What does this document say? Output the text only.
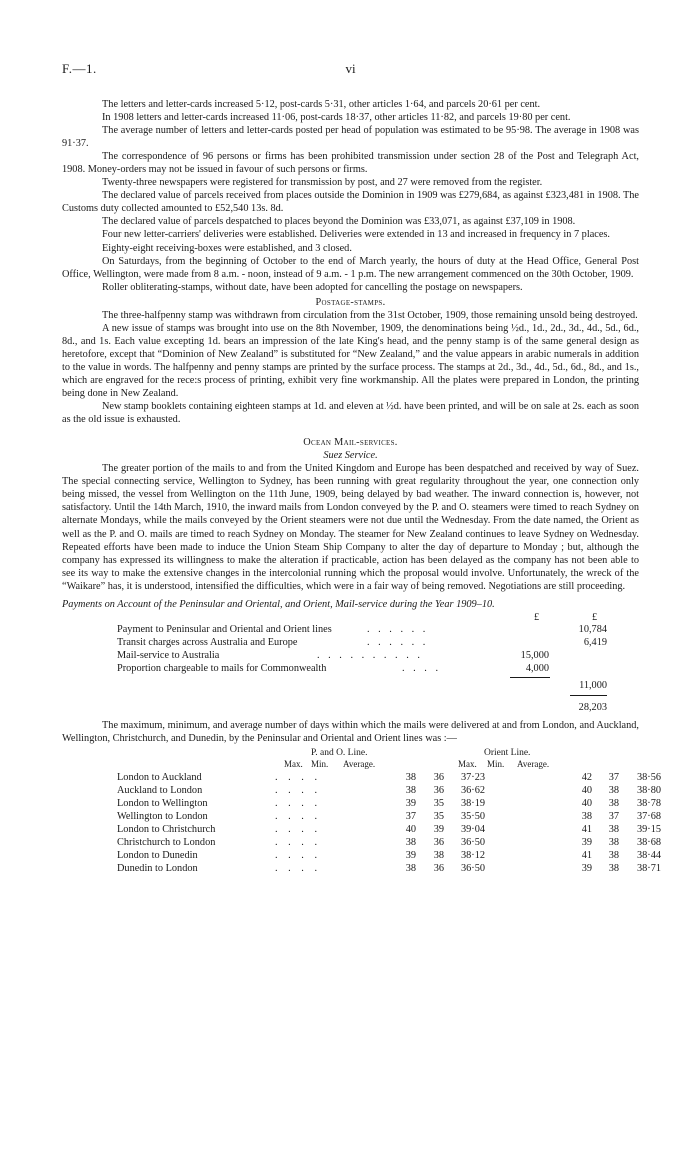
F.—1.	vi

The letters and letter-cards increased 5·12, post-cards 5·31, other articles 1·64, and parcels 20·61 per cent.

In 1908 letters and letter-cards increased 11·06, post-cards 18·37, other articles 11·82, and parcels 19·80 per cent.

The average number of letters and letter-cards posted per head of population was estimated to be 95·98. The average in 1908 was 91·37.

The correspondence of 96 persons or firms has been prohibited transmission under section 28 of the Post and Telegraph Act, 1908. Money-orders may not be issued in favour of such persons or firms.

Twenty-three newspapers were registered for transmission by post, and 27 were removed from the register.

The declared value of parcels received from places outside the Dominion in 1909 was £279,684, as against £323,481 in 1908. The Customs duty collected amounted to £52,540 13s. 8d.

The declared value of parcels despatched to places beyond the Dominion was £33,071, as against £37,109 in 1908.

Four new letter-carriers' deliveries were established. Deliveries were extended in 13 and increased in frequency in 7 places.

Eighty-eight receiving-boxes were established, and 3 closed.

On Saturdays, from the beginning of October to the end of March yearly, the hours of duty at the Head Office, General Post Office, Wellington, were made from 8 a.m. - noon, instead of 9 a.m. - 1 p.m. The new arrangement commenced on the 30th October, 1909.

Roller obliterating-stamps, without date, have been adopted for cancelling the postage on newspapers.

Postage-stamps.

The three-halfpenny stamp was withdrawn from circulation from the 31st October, 1909, those remaining unsold being destroyed.

A new issue of stamps was brought into use on the 8th November, 1909, the denominations being ½d., 1d., 2d., 3d., 4d., 5d., 6d., 8d., and 1s. Each value excepting 1d. bears an impression of the late King's head, and the penny stamp is of the same general design as heretofore, except that “Dominion of New Zealand” is substituted for “New Zealand,” and the value appears in arabic numerals in addition to the value in words. The halfpenny and penny stamps are printed by the surface process. The stamps at 2d., 3d., 4d., 5d., 6d., 8d., and 1s., which are engraved for the rece:s process of printing, exhibit very fine workmanship. All the plates were prepared in London, the printing being done in New Zealand.

New stamp booklets containing eighteen stamps at 1d. and eleven at ½d. have been printed, and will be on sale at 2s. each as soon as the old issue is exhausted.

Ocean Mail-services.

Suez Service.

The greater portion of the mails to and from the United Kingdom and Europe has been despatched and received by way of Suez. The special connecting service, Wellington to Sydney, has been running with great regularity throughout the year, one connection only being missed, the vessel from Wellington on the 11th June, 1909, being delayed by bad weather. The inward connection is, however, not satisfactory. Until the 14th March, 1910, the inward mails from London conveyed by the P. and O. steamers were timed to reach Sydney on alternate Mondays, while the mails conveyed by the Orient steamers were not due until the Wednesday. From the date named, the Orient as well as the P. and O. mails are timed to reach Sydney on Monday. The steamer for New Zealand continues to leave Sydney on Wednesday. Repeated efforts have been made to induce the Union Steam Ship Company to alter the day of departure to Monday ; but, although the company has expressed its willingness to make the alteration if practicable, action has been delayed as the company has not been able to see its way to make the extensive changes in the intercolonial running which the proposal would involve. Unfortunately, the wreck of the “Waikare” has, it is understood, intensified the difficulties, which were in a fair way of being removed. Negotiations are still proceeding.

Payments on Account of the Peninsular and Oriental, and Orient, Mail-service during the Year 1909–10.

£	£
Payment to Peninsular and Oriental and Orient lines	. . . . . .	10,784
Transit charges across Australia and Europe	. . . . . .	6,419
Mail-service to Australia	. . . . . . . . . .	15,000
Proportion chargeable to mails for Commonwealth	. . . .	4,000
11,000
28,203

The maximum, minimum, and average number of days within which the mails were delivered at and from London, and Auckland, Wellington, Christchurch, and Dunedin, by the Peninsular and Oriental and Orient lines was :—

P. and O. Line.	Orient Line.
Max. Min. Average.	Max. Min. Average.
London to Auckland	. . . .	38 36 37·23	42 37 38·56
Auckland to London	. . . .	38 36 36·62	40 38 38·80
London to Wellington	. . . .	39 35 38·19	40 38 38·78
Wellington to London	. . . .	37 35 35·50	38 37 37·68
London to Christchurch	. . . .	40 39 39·04	41 38 39·15
Christchurch to London	. . . .	38 36 36·50	39 38 38·68
London to Dunedin	. . . .	39 38 38·12	41 38 38·44
Dunedin to London	. . . .	38 36 36·50	39 38 38·71
